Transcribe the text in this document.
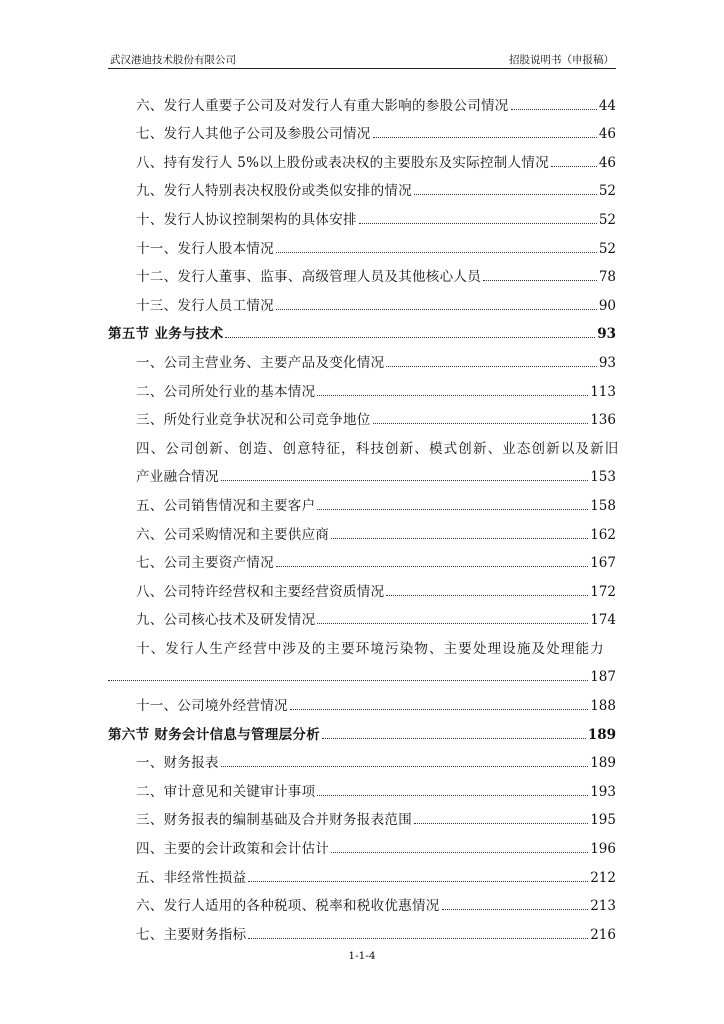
武汉港迪技术股份有限公司	招股说明书（申报稿）
六、发行人重要子公司及对发行人有重大影响的参股公司情况	44
七、发行人其他子公司及参股公司情况	46
八、持有发行人 5%以上股份或表决权的主要股东及实际控制人情况	46
九、发行人特别表决权股份或类似安排的情况	52
十、发行人协议控制架构的具体安排	52
十一、发行人股本情况	52
十二、发行人董事、监事、高级管理人员及其他核心人员	78
十三、发行人员工情况	90
第五节 业务与技术	93
一、公司主营业务、主要产品及变化情况	93
二、公司所处行业的基本情况	113
三、所处行业竞争状况和公司竞争地位	136
四、公司创新、创造、创意特征，科技创新、模式创新、业态创新以及新旧
产业融合情况	153
五、公司销售情况和主要客户	158
六、公司采购情况和主要供应商	162
七、公司主要资产情况	167
八、公司特许经营权和主要经营资质情况	172
九、公司核心技术及研发情况	174
十、发行人生产经营中涉及的主要环境污染物、主要处理设施及处理能力
187
十一、公司境外经营情况	188
第六节 财务会计信息与管理层分析	189
一、财务报表	189
二、审计意见和关键审计事项	193
三、财务报表的编制基础及合并财务报表范围	195
四、主要的会计政策和会计估计	196
五、非经常性损益	212
六、发行人适用的各种税项、税率和税收优惠情况	213
七、主要财务指标	216
1-1-4
